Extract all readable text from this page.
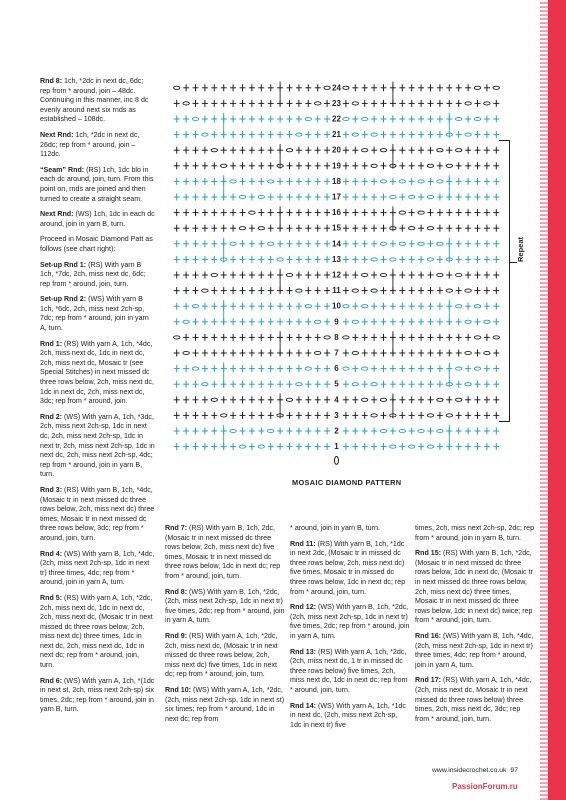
Rnd 8: 1ch, *2dc in next dc, 6dc; rep from * around, join – 48dc. Continuing in this manner, inc 8 dc evenly around next six rnds as established – 108dc.

Next Rnd: 1ch, *2dc in next dc, 26dc; rep from * around, join – 112dc.

“Seam” Rnd: (RS) 1ch, 1dc blo in each dc around, join, turn. From this point on, rnds are joined and then turned to create a straight seam.

Next Rnd: (WS) 1ch, 1dc in each dc around, join in yarn B, turn.

Proceed in Mosaic Diamond Patt as follows (see chart right):

Set-up Rnd 1: (RS) With yarn B 1ch, *7dc, 2ch, miss next dc, 6dc; rep from * around, join, turn.

Set-up Rnd 2: (WS) With yarn B 1ch, *6dc, 2ch, miss next 2ch-sp, 7dc; rep from * around, join in yarn A, turn.

Rnd 1: (RS) With yarn A, 1ch, *4dc, 2ch, miss next dc, 1dc in next dc, 2ch, miss next dc, Mosaic tr (see Special Stitches) in next missed dc three rows below, 2ch, miss next dc, 1dc in next dc, 2ch, miss next dc, 3dc; rep from * around, join.

Rnd 2: (WS) With yarn A, 1ch, *3dc, 2ch, miss next 2ch-sp, 1dc in next dc, 2ch, miss next 2ch-sp, 1dc in next tr, 2ch, miss next 2ch-sp, 1dc in next dc, 2ch, miss next 2ch-sp, 4dc; rep from * around, join in yarn B, turn.

Rnd 3: (RS) With yarn B, 1ch, *4dc, (Mosaic tr in next missed dc three rows below, 2ch, miss next dc) three times, Mosaic tr in next missed dc three rows below, 3dc; rep from * around, join, turn.

Rnd 4: (WS) With yarn B, 1ch, *4dc, (2ch, miss next 2ch-sp, 1dc in next tr) three times, 4dc; rep from * around, join in yarn A, turn.

Rnd 5: (RS) With yarn A, 1ch, *2dc, 2ch, miss next dc, 1dc in next dc, 2ch, miss next dc, (Mosaic tr in next missed dc three rows below, 2ch, miss next dc) three times, 1dc in next dc, 2ch, miss next dc, 1dc in next dc; rep from * around, join, turn.

Rnd 6: (WS) With yarn A, 1ch, *(1dc in next st, 2ch, miss next 2ch-sp) six times, 2dc; rep from * around, join in yarn B, turn.

Rnd 7: (RS) With yarn B, 1ch, 2dc, (Mosaic tr in next missed dc three rows below, 2ch, miss next dc) five times, Mosaic tr in next missed dc three rows below, 1dc in next dc; rep from * around, join, turn.

Rnd 8: (WS) With yarn B, 1ch, *2dc, (2ch, miss next 2ch-sp, 1dc in next tr) five times, 2dc; rep from * around, join in yarn A, turn.

Rnd 9: (RS) With yarn A, 1ch, *2dc, 2ch, miss next dc, (Mosaic tr in next missed dc three rows below, 2ch, miss next dc) five times, 1dc in next dc; rep from * around, join, turn.

Rnd 10: (WS) With yarn A, 1ch, *2dc, (2ch, miss next 2ch-sp, 1dc in next st) six times; rep from * around, 1dc in next dc; rep from

* around, join in yarn B, turn.

Rnd 11: (RS) With yarn B, 1ch, *1dc in next 2dc, (Mosaic tr in missed dc three rows below, 2ch, miss next dc) five times, Mosaic tr in missed dc three rows below, 1dc in next dc; rep from * around, join, turn.

Rnd 12: (WS) With yarn B, 1ch, *2dc, (2ch, miss next 2ch-sp, 1dc in next tr) five times, 2dc; rep from * around, join in yarn A, turn.

Rnd 13: (RS) With yarn A, 1ch, *2dc, (2ch, miss next dc, 1 tr in missed dc three rows below) five times, 2ch, miss next dc, 1dc in next dc; rep from * around, join, turn.

Rnd 14: (WS) With yarn A, 1ch, *1dc in next dc, (2ch, miss next 2ch-sp, 1dc in next tr) five

times, 2ch, miss next 2ch-sp, 2dc; rep from * around, join in yarn B, turn.

Rnd 15: (RS) With yarn B, 1ch, *2dc, (Mosaic tr in next missed dc three rows below, 1dc in next dc, (Mosaic tr in next missed dc three rows below, 2ch, miss next dc) three times, Mosaic tr in next missed dc three rows below, 1dc in next dc) twice; rep from * around, join, turn.

Rnd 16: (WS) With yarn B, 1ch, *4dc, (2ch, miss next 2ch-sp, 1dc in next tr) three times, 4dc; rep from * around, join in yarn A, turn.

Rnd 17: (RS) With yarn A, 1ch, *4dc, (2ch, miss next dc, Mosaic tr in next missed dc three rows below) three times, 2ch, miss next dc, 3dc; rep from * around, join, turn.

24
23
22
21
20
19
18
17
16
15
14
13
12
11
10
9
8
7
6
5
4
3
2
1
Repeat
MOSAIC DIAMOND PATTERN
www.insidecrochet.co.uk 97
PassionForum.ru
